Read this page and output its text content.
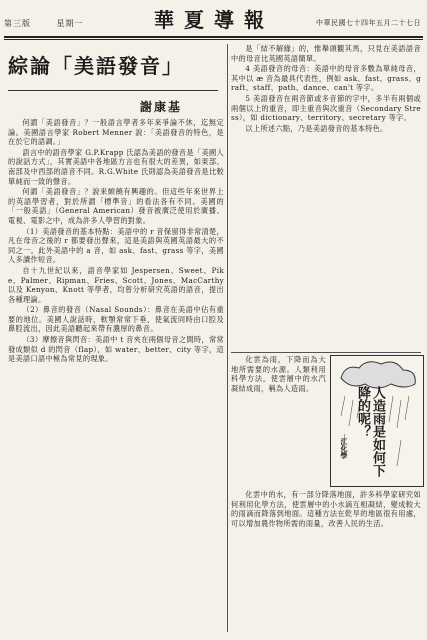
第三版	星期一	華夏導報	中華民國七十四年五月二十七日
綜論「美語發音」
謝康基

何謂「美語發音」？一般語言學者多年來爭論不休，迄無定論。美國語言學家 Robert Menner 說：「美語發音的特色，是在於它的語調。」

語言中的語音學家 G.P.Krapp 氏認為美語的發音是「美國人的說話方式」，其實美語中各地區方言也有很大的差異，如東部、南部及中西部的語音不同。R.G.White 氏則認為美語發音是比較單純而一致的聲音。

何謂「美語發音」？說來頗饒有興趣的。但這些年來世界上的英語學習者，對於所謂「標準音」的看法各有不同。美國的「一般美語」（General American）發音被廣泛使用於廣播、電視、電影之中，成為許多人學習的對象。

（1）美語發音的基本特點：美語中的 r 音保留得非常清楚，凡在母音之後的 r 都要發出聲來，這是美語與英國英語最大的不同之一。此外美語中的 a 音，如 ask、fast、grass 等字，美國人多讀作短音。

自十九世紀以來，語音學家如 Jespersen、Sweet、Pike、Palmer、Ripman、Fries、Scott、Jones、MacCarthy 以及 Kenyon、Knott 等學者，均曾分析研究英語的語音，提出各種理論。

（2）鼻音的發音（Nasal Sounds）：鼻音在美語中佔有重要的地位。美國人說話時，軟顎常常下垂，使氣流同時由口腔及鼻腔流出，因此美語聽起來帶有濃厚的鼻音。

（3）摩擦音與閃音：美語中 t 音夾在兩個母音之間時，常常發成類似 d 的閃音（flap），如 water、better、city 等字，這是美語口語中極為常見的現象。

是「結不解緣」的，惟舉頭觀其馬，只見在美語語音中的母音比英國英語簡單。

4 美語發音的母音：美語中的母音多數為單純母音，其中以 æ 音為最具代表性，例如 ask、fast、grass、graft、staff、path、dance、can't 等字。

5 美語發音在兩音節或多音節的字中，多半有兩個或兩個以上的重音，即主重音與次重音（Secondary Stress），如 dictionary、territory、secretary 等字。

以上所述六點，乃是美語發音的基本特色。

化雲為雨，下降而為大地所需要的水源。人類利用科學方法，使雲層中的水汽凝結成雨，稱為人造雨。	人造雨是如何下降的呢？
江化學

化雲中的水，有一部分降落地面，許多科學家研究如何利用化學方法，使雲層中的小水滴互相凝結，變成較大的雨滴而降落到地面。這種方法在乾旱的地區很有用處，可以增加農作物所需的雨量，改善人民的生活。
